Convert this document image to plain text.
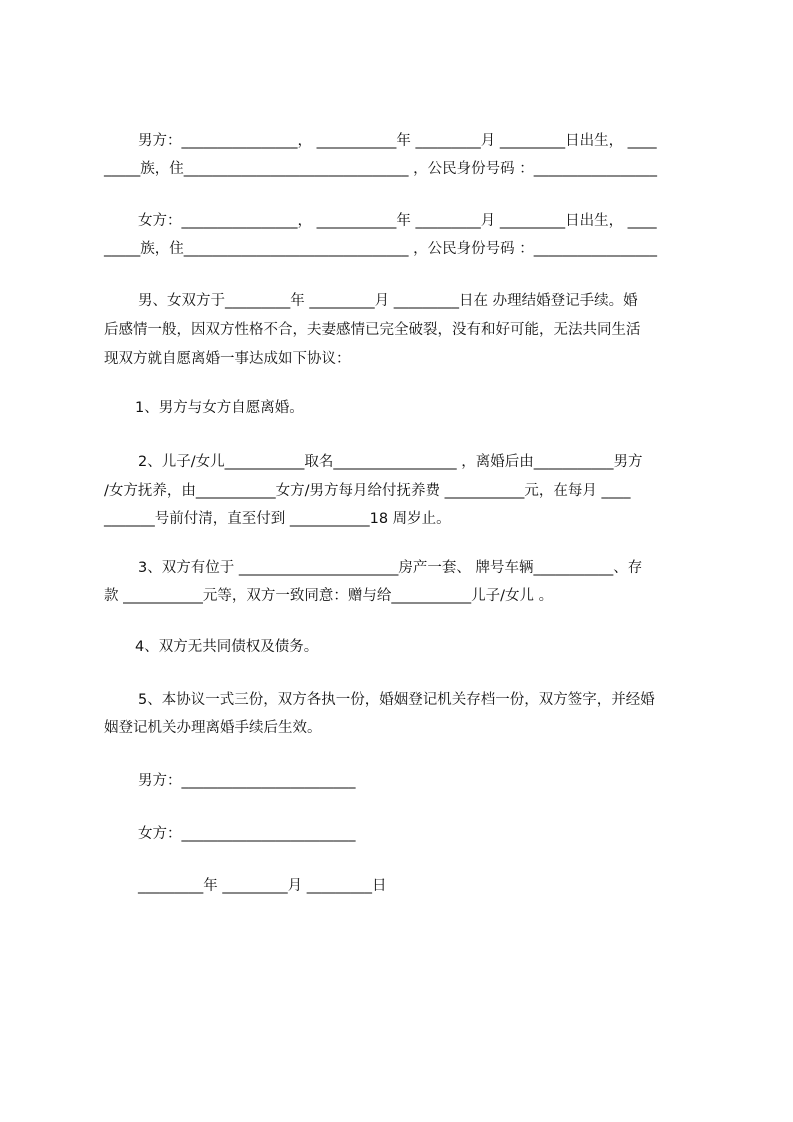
男方：________________， ___________年 _________月 _________日出生， ____
_____族，住_______________________________ ，公民身份号码 ：_________________
女方：________________， ___________年 _________月 _________日出生， ____
_____族，住_______________________________ ，公民身份号码 ：_________________
男、女双方于_________年 _________月 _________日在 办理结婚登记手续。婚
后感情一般，因双方性格不合，夫妻感情已完全破裂，没有和好可能，无法共同生活
现双方就自愿离婚一事达成如下协议：
1、男方与女方自愿离婚。
2、儿子/女儿___________取名_________________ ，离婚后由___________男方
/女方抚养，由___________女方/男方每月给付抚养费 ___________元，在每月 ____
_______号前付清，直至付到 ___________18 周岁止。
3、双方有位于 ______________________房产一套、 牌号车辆___________、存
款 ___________元等，双方一致同意：赠与给___________儿子/女儿 。
4、双方无共同债权及债务。
5、本协议一式三份，双方各执一份，婚姻登记机关存档一份，双方签字，并经婚
姻登记机关办理离婚手续后生效。
男方：________________________
女方：________________________
_________年 _________月 _________日
